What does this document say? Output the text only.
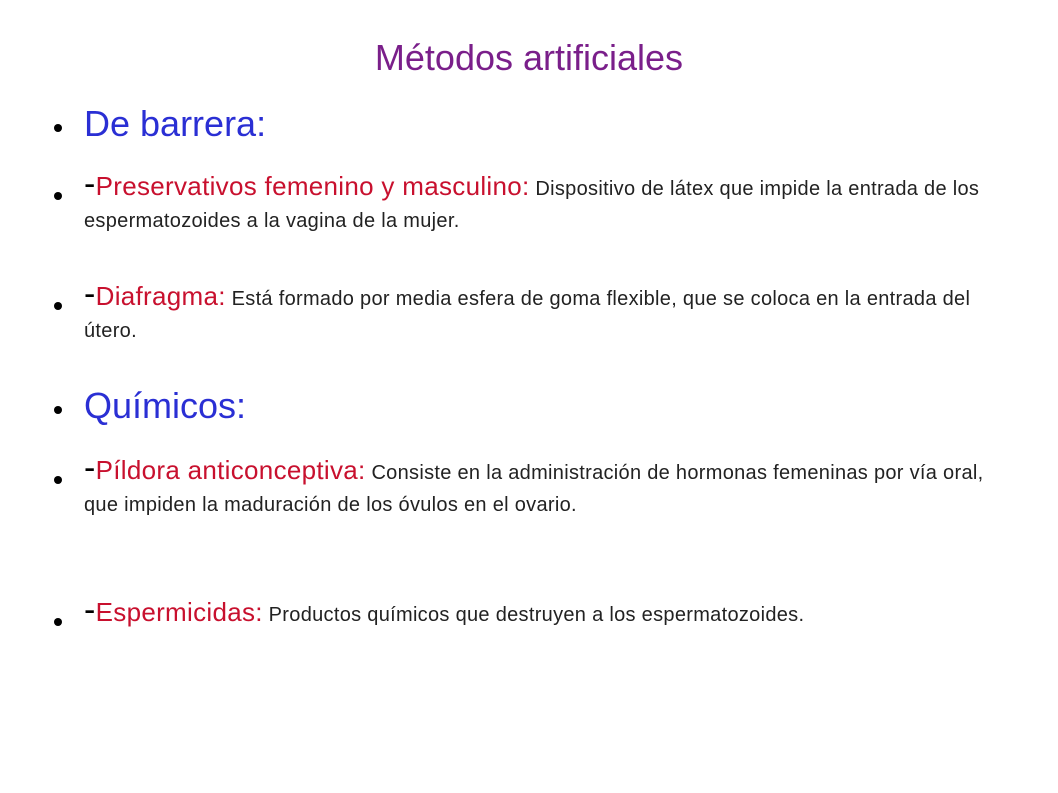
Métodos artificiales
De barrera:
-Preservativos femenino y masculino: Dispositivo de látex que impide la entrada de los espermatozoides a la vagina de la mujer.
-Diafragma: Está formado por media esfera de goma flexible, que se coloca en la entrada del útero.
Químicos:
-Píldora anticonceptiva: Consiste en la administración de hormonas femeninas por vía oral, que impiden la maduración de los óvulos en el ovario.
-Espermicidas: Productos químicos que destruyen a los espermatozoides.
